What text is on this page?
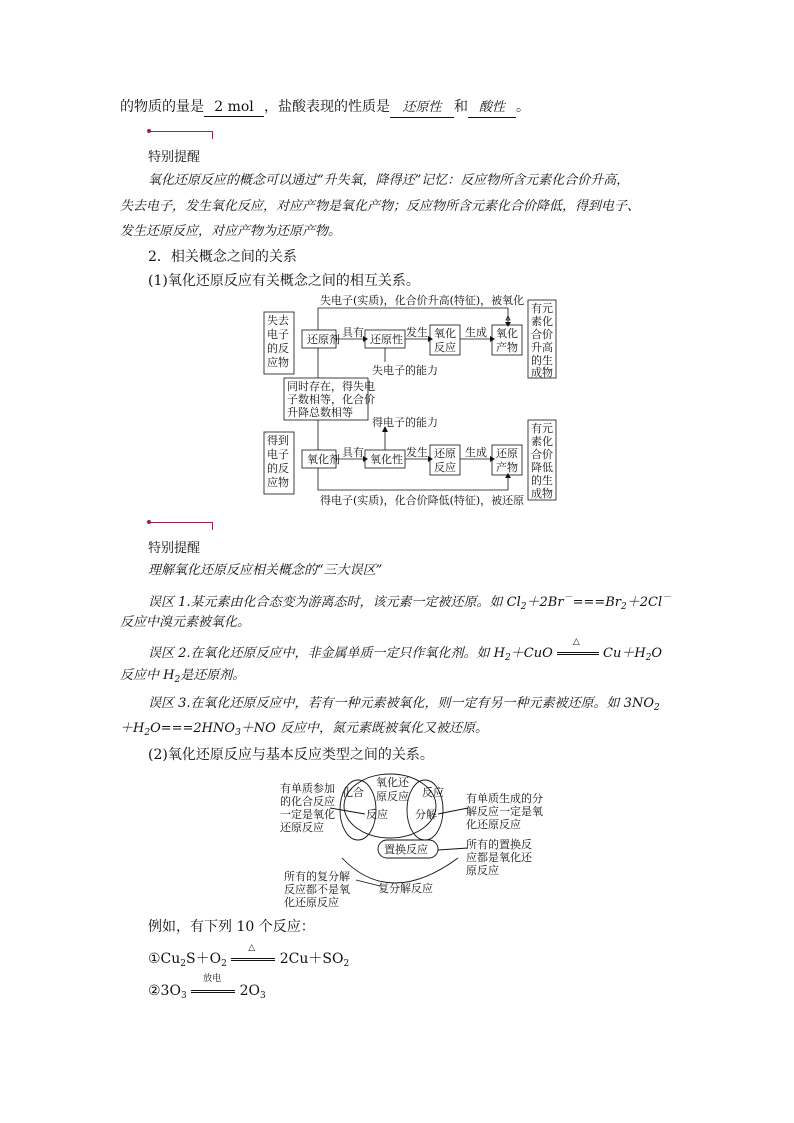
的物质的量是 2 mol ，盐酸表现的性质是 还原性 和 酸性 。
特别提醒
氧化还原反应的概念可以通过“升失氧，降得还”记忆：反应物所含元素化合价升高，
失去电子，发生氧化反应，对应产物是氧化产物；反应物所含元素化合价降低，得到电子、
发生还原反应，对应产物为还原产物。
2．相关概念之间的关系
(1)氧化还原反应有关概念之间的相互关系。
失电子(实质)，化合价升高(特征)，被氧化
失去
电子
的反
应物
还原剂
具有
还原性
发生 氧化
反应
生成 氧化
产物
有元
素化
合价
升高
的生
成物
失电子的能力
同时存在，得失电
子数相等，化合价
升降总数相等
得电子的能力
得到
电子
的反
应物
氧化剂
具有
氧化性
发生 还原
反应
生成 还原
产物
有元
素化
合价
降低
的生
成物
得电子(实质)，化合价降低(特征)，被还原
特别提醒
理解氧化还原反应相关概念的“三大误区”
误区 1.某元素由化合态变为游离态时，该元素一定被还原。如 $Cl_2+2Br^-===Br_2+2Cl^-$
反应中溴元素被氧化。
误区 2.在氧化还原反应中，非金属单质一定只作氧化剂。如 $H_2+CuO$
△
$Cu+H_2O$
反应中 $H_2$是还原剂。
误区 3.在氧化还原反应中，若有一种元素被氧化，则一定有另一种元素被还原。如 $3NO_2$
$+H_2O===2HNO_3+NO$ 反应中，氮元素既被氧化又被还原。
(2)氧化还原反应与基本反应类型之间的关系。
化合
氧化还
原反应 反应
反应 分解
置换反应
复分解反应
有单质参加
的化合反应
一定是氧化
还原反应
有单质生成的分
解反应一定是氧
化还原反应
所有的置换反
应都是氧化还
原反应
所有的复分解
反应都不是氧
化还原反应
例如，有下列 10 个反应：
$①Cu_2S+O_2$
△
$2Cu+SO_2$
$②3O_3$
放电
$2O_3$
